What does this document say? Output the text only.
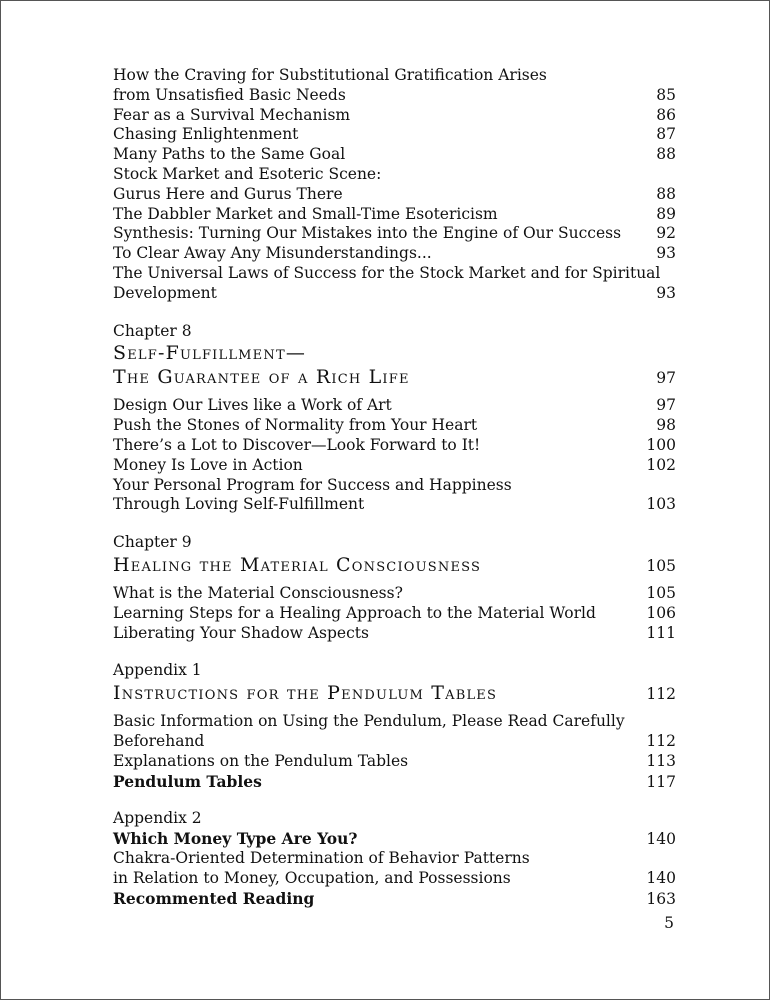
How the Craving for Substitutional Gratification Arises
from Unsatisfied Basic Needs	85
Fear as a Survival Mechanism	86
Chasing Enlightenment	87
Many Paths to the Same Goal	88
Stock Market and Esoteric Scene:
Gurus Here and Gurus There	88
The Dabbler Market and Small-Time Esotericism	89
Synthesis: Turning Our Mistakes into the Engine of Our Success	92
To Clear Away Any Misunderstandings...	93
The Universal Laws of Success for the Stock Market and for Spiritual
Development	93
Chapter 8
Self-Fulfillment—
The Guarantee of a Rich Life	97
Design Our Lives like a Work of Art	97
Push the Stones of Normality from Your Heart	98
There’s a Lot to Discover—Look Forward to It!	100
Money Is Love in Action	102
Your Personal Program for Success and Happiness
Through Loving Self-Fulfillment	103
Chapter 9
Healing the Material Consciousness	105
What is the Material Consciousness?	105
Learning Steps for a Healing Approach to the Material World	106
Liberating Your Shadow Aspects	111
Appendix 1
Instructions for the Pendulum Tables	112
Basic Information on Using the Pendulum, Please Read Carefully
Beforehand	112
Explanations on the Pendulum Tables	113
Pendulum Tables	117
Appendix 2
Which Money Type Are You?	140
Chakra-Oriented Determination of Behavior Patterns
in Relation to Money, Occupation, and Possessions	140
Recommented Reading	163
5
